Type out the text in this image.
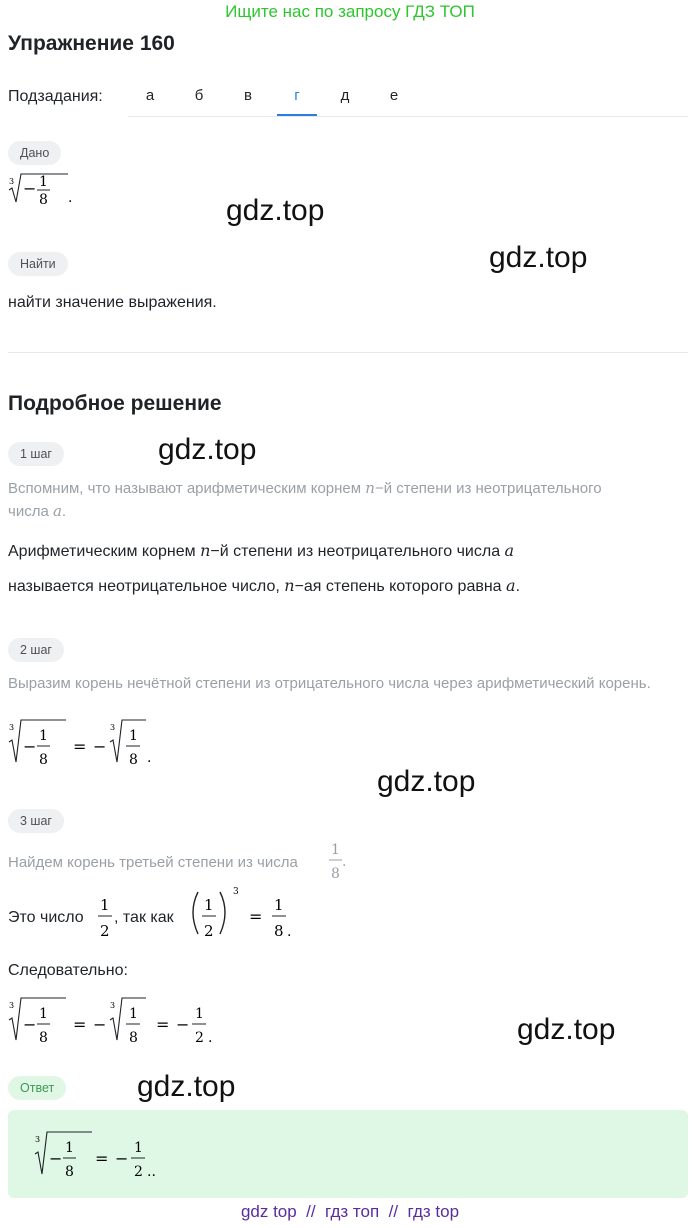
Ищите нас по запросу ГДЗ ТОП
Упражнение 160
Подзадания:	а	б	в	г	д	е
Дано
3 − 1
8 .
Найти
найти значение выражения.
Подробное решение
1 шаг
Вспомним, что называют арифметическим корнем n−й степени из неотрицательного
числа a.
Арифметическим корнем n−й степени из неотрицательного числа a
называется неотрицательное число, n−ая степень которого равна a.
2 шаг
Выразим корень нечётной степени из отрицательного числа через арифметический корень.
3
−
1
8
= −
3
1
8 .
3 шаг
Найдем корень третьей степени из числа
1
8
.
Это число
1
2
, так как
1
2
3
=
1
8 .
Следовательно:
3
−
1
8
= −
3
1
8
= −
1
2 .
Ответ
3
−
1
8
= −
1
2 ..
gdz.top
gdz.top
gdz.top
gdz.top
gdz.top
gdz.top
gdz top  //  гдз топ  //  гдз top
